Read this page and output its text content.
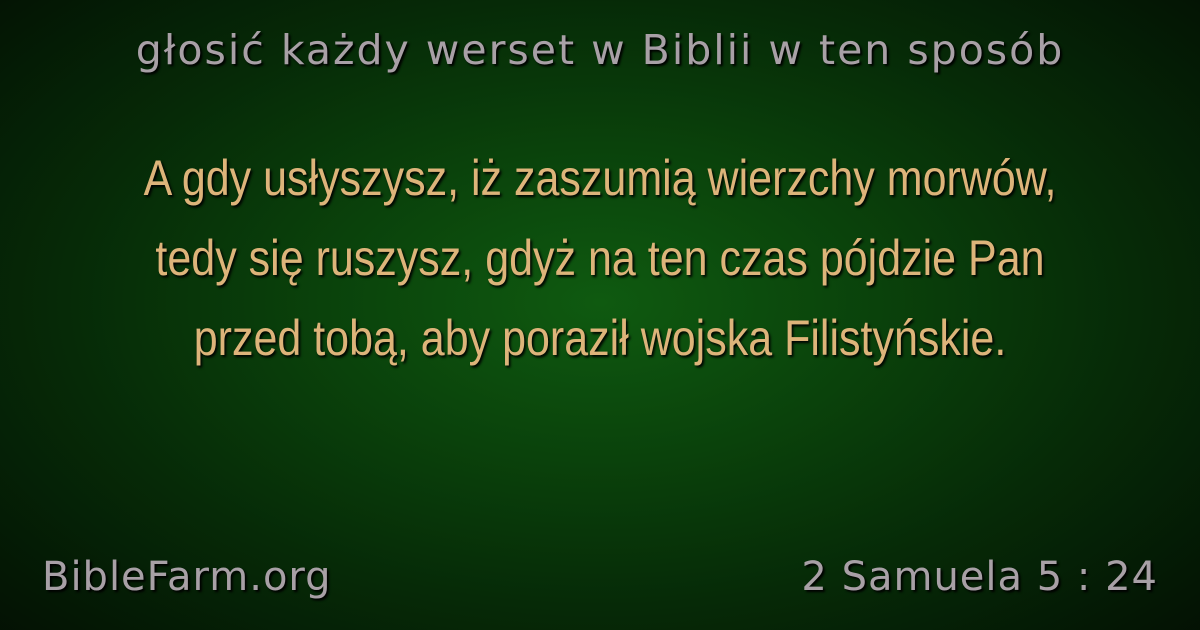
głosić każdy werset w Biblii w ten sposób
A gdy usłyszysz, iż zaszumią wierzchy morwów, tedy się ruszysz, gdyż na ten czas pójdzie Pan przed tobą, aby poraził wojska Filistyńskie.
BibleFarm.org	2 Samuela 5 : 24
